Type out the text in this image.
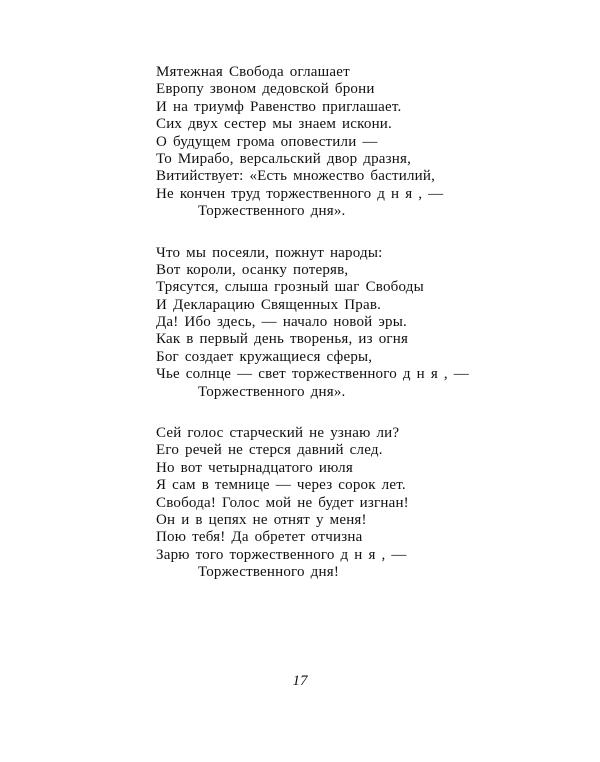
Мятежная Свобода оглашает
Европу звоном дедовской брони
И на триумф Равенство приглашает.
Сих двух сестер мы знаем искони.
О будущем грома оповестили —
То Мирабо, версальский двор дразня,
Витийствует: «Есть множество бастилий,
Не кончен труд торжественного д н я , —
Торжественного дня».
Что мы посеяли, пожнут народы:
Вот короли, осанку потеряв,
Трясутся, слыша грозный шаг Свободы
И Декларацию Священных Прав.
Да! Ибо здесь, — начало новой эры.
Как в первый день творенья, из огня
Бог создает кружащиеся сферы,
Чье солнце — свет торжественного д н я , —
Торжественного дня».
Сей голос старческий не узнаю ли?
Его речей не стерся давний след.
Но вот четырнадцатого июля
Я сам в темнице — через сорок лет.
Свобода! Голос мой не будет изгнан!
Он и в цепях не отнят у меня!
Пою тебя! Да обретет отчизна
Зарю того торжественного д н я , —
Торжественного дня!
17
